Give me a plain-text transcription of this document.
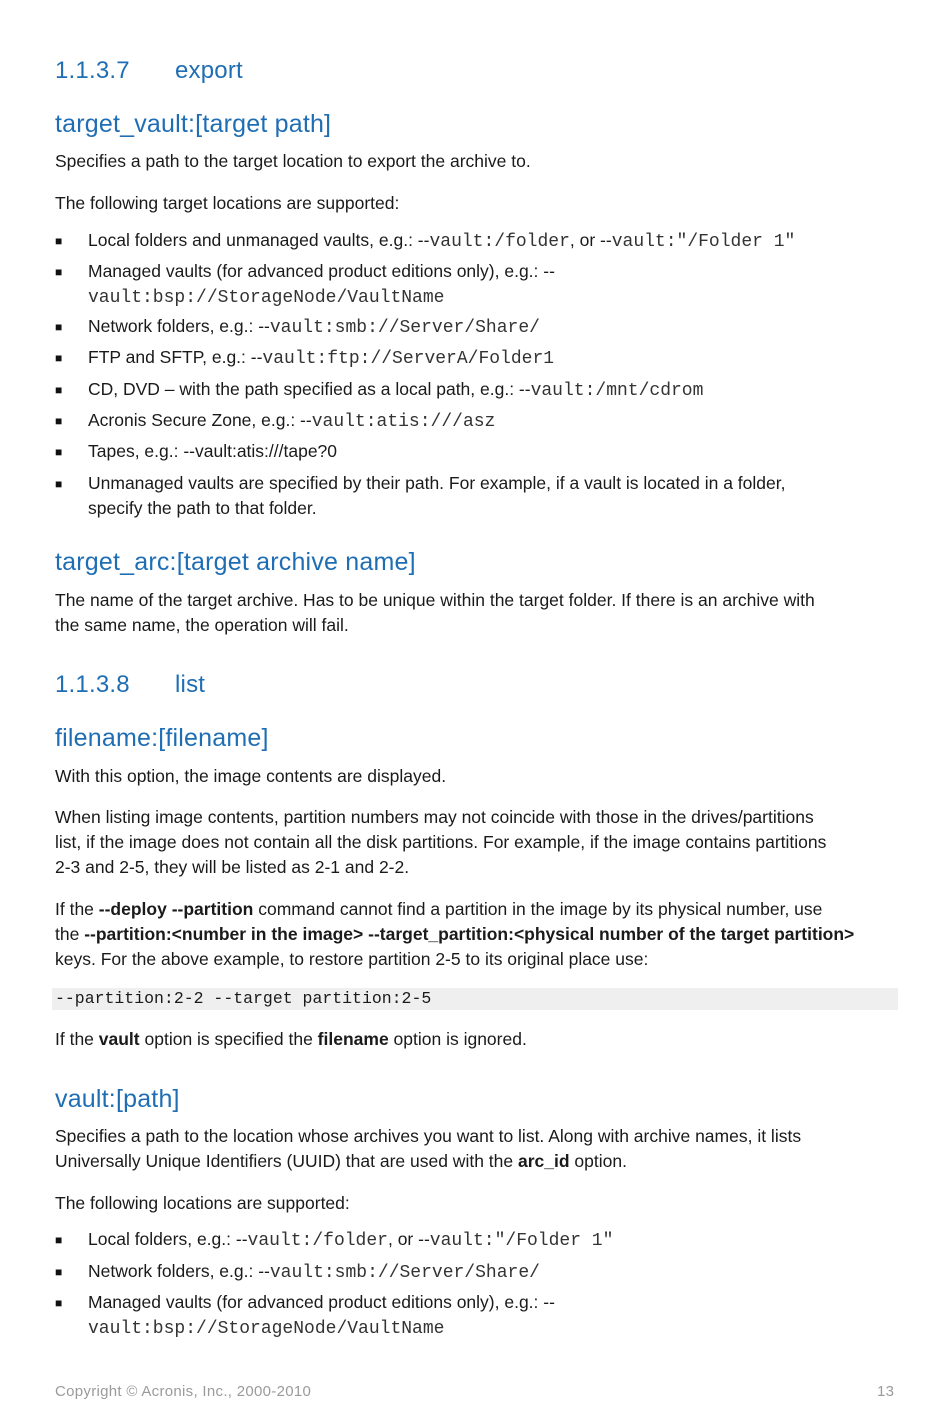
1.1.3.7 export
target_vault:[target path]
Specifies a path to the target location to export the archive to.
The following target locations are supported:
■ Local folders and unmanaged vaults, e.g.: --vault:/folder, or --vault:"/Folder 1"
■ Managed vaults (for advanced product editions only), e.g.: --
vault:bsp://StorageNode/VaultName
■ Network folders, e.g.: --vault:smb://Server/Share/
■ FTP and SFTP, e.g.: --vault:ftp://ServerA/Folder1
■ CD, DVD – with the path specified as a local path, e.g.: --vault:/mnt/cdrom
■ Acronis Secure Zone, e.g.: --vault:atis:///asz
■ Tapes, e.g.: --vault:atis:///tape?0
■ Unmanaged vaults are specified by their path. For example, if a vault is located in a folder,
specify the path to that folder.
target_arc:[target archive name]
The name of the target archive. Has to be unique within the target folder. If there is an archive with
the same name, the operation will fail.
1.1.3.8 list
filename:[filename]
With this option, the image contents are displayed.
When listing image contents, partition numbers may not coincide with those in the drives/partitions
list, if the image does not contain all the disk partitions. For example, if the image contains partitions
2-3 and 2-5, they will be listed as 2-1 and 2-2.
If the --deploy --partition command cannot find a partition in the image by its physical number, use
the --partition:<number in the image> --target_partition:<physical number of the target partition>
keys. For the above example, to restore partition 2-5 to its original place use:
--partition:2-2 --target partition:2-5
If the vault option is specified the filename option is ignored.
vault:[path]
Specifies a path to the location whose archives you want to list. Along with archive names, it lists
Universally Unique Identifiers (UUID) that are used with the arc_id option.
The following locations are supported:
■ Local folders, e.g.: --vault:/folder, or --vault:"/Folder 1"
■ Network folders, e.g.: --vault:smb://Server/Share/
■ Managed vaults (for advanced product editions only), e.g.: --
vault:bsp://StorageNode/VaultName
Copyright © Acronis, Inc., 2000-2010	13
